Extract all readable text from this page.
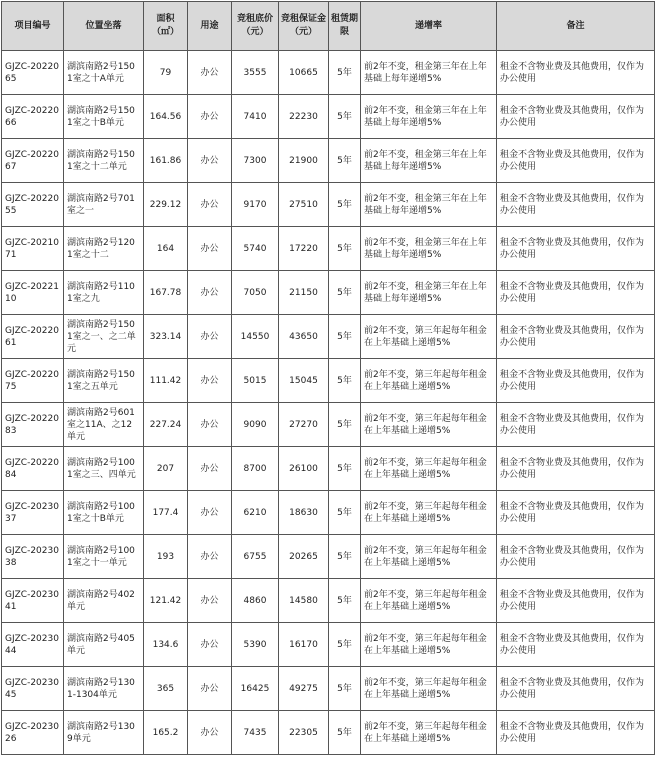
项目编号	位置坐落	面积（㎡）	用途	竞租底价（元）	竞租保证金（元）	租赁期限	递增率	备注

GJZC-2022065	湖滨南路2号1501室之十A单元	79	办公	3555	10665	5年	前2年不变，租金第三年在上年基础上每年递增5%	租金不含物业费及其他费用，仅作为办公使用

GJZC-2022066	湖滨南路2号1501室之十B单元	164.56	办公	7410	22230	5年	前2年不变，租金第三年在上年基础上每年递增5%	租金不含物业费及其他费用，仅作为办公使用

GJZC-2022067	湖滨南路2号1501室之十二单元	161.86	办公	7300	21900	5年	前2年不变，租金第三年在上年基础上每年递增5%	租金不含物业费及其他费用，仅作为办公使用

GJZC-2022055	湖滨南路2号701室之一	229.12	办公	9170	27510	5年	前2年不变，租金第三年在上年基础上每年递增5%	租金不含物业费及其他费用，仅作为办公使用

GJZC-2021071	湖滨南路2号1201室之十二	164	办公	5740	17220	5年	前2年不变，租金第三年在上年基础上每年递增5%	租金不含物业费及其他费用，仅作为办公使用

GJZC-2022110	湖滨南路2号1101室之九	167.78	办公	7050	21150	5年	前2年不变，租金第三年在上年基础上每年递增5%	租金不含物业费及其他费用，仅作为办公使用

GJZC-2022061	湖滨南路2号1501室之一、之二单元	323.14	办公	14550	43650	5年	前2年不变，第三年起每年租金在上年基础上递增5%	租金不含物业费及其他费用，仅作为办公使用

GJZC-2022075	湖滨南路2号1501室之五单元	111.42	办公	5015	15045	5年	前2年不变，第三年起每年租金在上年基础上递增5%	租金不含物业费及其他费用，仅作为办公使用

GJZC-2022083	湖滨南路2号601室之11A、之12单元	227.24	办公	9090	27270	5年	前2年不变，第三年起每年租金在上年基础上递增5%	租金不含物业费及其他费用，仅作为办公使用

GJZC-2022084	湖滨南路2号1001室之三、四单元	207	办公	8700	26100	5年	前2年不变，第三年起每年租金在上年基础上递增5%	租金不含物业费及其他费用，仅作为办公使用

GJZC-2023037	湖滨南路2号1001室之十B单元	177.4	办公	6210	18630	5年	前2年不变，第三年起每年租金在上年基础上递增5%	租金不含物业费及其他费用，仅作为办公使用

GJZC-2023038	湖滨南路2号1001室之十一单元	193	办公	6755	20265	5年	前2年不变，第三年起每年租金在上年基础上递增5%	租金不含物业费及其他费用，仅作为办公使用

GJZC-2023041	湖滨南路2号402单元	121.42	办公	4860	14580	5年	前2年不变，第三年起每年租金在上年基础上递增5%	租金不含物业费及其他费用，仅作为办公使用

GJZC-2023044	湖滨南路2号405单元	134.6	办公	5390	16170	5年	前2年不变，第三年起每年租金在上年基础上递增5%	租金不含物业费及其他费用，仅作为办公使用

GJZC-2023045	湖滨南路2号1301-1304单元	365	办公	16425	49275	5年	前2年不变，第三年起每年租金在上年基础上递增5%	租金不含物业费及其他费用，仅作为办公使用

GJZC-2023026	湖滨南路2号1309单元	165.2	办公	7435	22305	5年	前2年不变，第三年起每年租金在上年基础上递增5%	租金不含物业费及其他费用，仅作为办公使用
